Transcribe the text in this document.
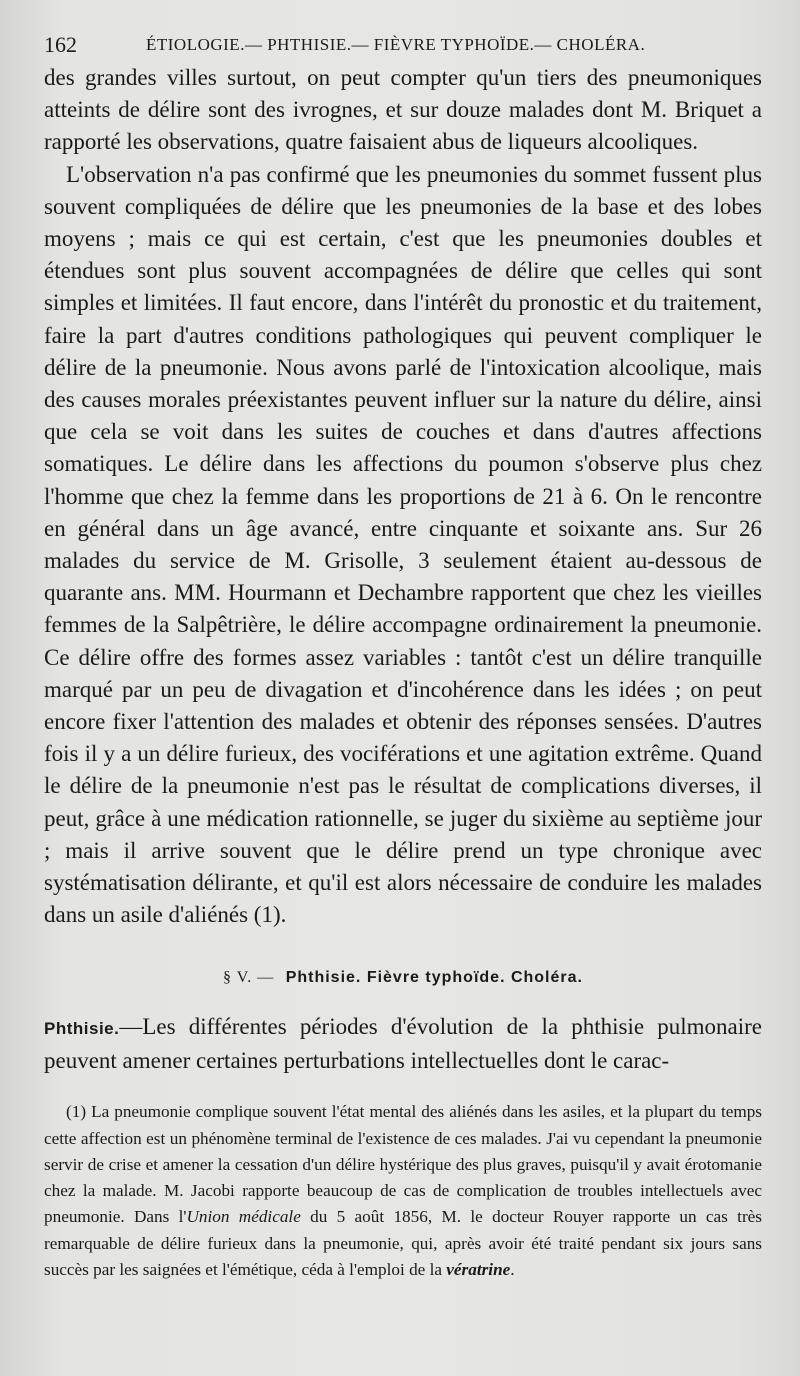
162	ÉTIOLOGIE.— PHTHISIE.— FIÈVRE TYPHOÏDE.— CHOLÉRA.

des grandes villes surtout, on peut compter qu'un tiers des pneumoniques atteints de délire sont des ivrognes, et sur douze malades dont M. Briquet a rapporté les observations, quatre faisaient abus de liqueurs alcooliques.

L'observation n'a pas confirmé que les pneumonies du sommet fussent plus souvent compliquées de délire que les pneumonies de la base et des lobes moyens ; mais ce qui est certain, c'est que les pneumonies doubles et étendues sont plus souvent accompagnées de délire que celles qui sont simples et limitées. Il faut encore, dans l'intérêt du pronostic et du traitement, faire la part d'autres conditions pathologiques qui peuvent compliquer le délire de la pneumonie. Nous avons parlé de l'intoxication alcoolique, mais des causes morales préexistantes peuvent influer sur la nature du délire, ainsi que cela se voit dans les suites de couches et dans d'autres affections somatiques. Le délire dans les affections du poumon s'observe plus chez l'homme que chez la femme dans les proportions de 21 à 6. On le rencontre en général dans un âge avancé, entre cinquante et soixante ans. Sur 26 malades du service de M. Grisolle, 3 seulement étaient au-dessous de quarante ans. MM. Hourmann et Dechambre rapportent que chez les vieilles femmes de la Salpêtrière, le délire accompagne ordinairement la pneumonie. Ce délire offre des formes assez variables : tantôt c'est un délire tranquille marqué par un peu de divagation et d'incohérence dans les idées ; on peut encore fixer l'attention des malades et obtenir des réponses sensées. D'autres fois il y a un délire furieux, des vociférations et une agitation extrême. Quand le délire de la pneumonie n'est pas le résultat de complications diverses, il peut, grâce à une médication rationnelle, se juger du sixième au septième jour ; mais il arrive souvent que le délire prend un type chronique avec systématisation délirante, et qu'il est alors nécessaire de conduire les malades dans un asile d'aliénés (1).

§ V. — Phthisie. Fièvre typhoïde. Choléra.
Phthisie.—Les différentes périodes d'évolution de la phthisie pulmonaire peuvent amener certaines perturbations intellectuelles dont le carac-

(1) La pneumonie complique souvent l'état mental des aliénés dans les asiles, et la plupart du temps cette affection est un phénomène terminal de l'existence de ces malades. J'ai vu cependant la pneumonie servir de crise et amener la cessation d'un délire hystérique des plus graves, puisqu'il y avait érotomanie chez la malade. M. Jacobi rapporte beaucoup de cas de complication de troubles intellectuels avec pneumonie. Dans l'Union médicale du 5 août 1856, M. le docteur Rouyer rapporte un cas très remarquable de délire furieux dans la pneumonie, qui, après avoir été traité pendant six jours sans succès par les saignées et l'émétique, céda à l'emploi de la vératrine.
